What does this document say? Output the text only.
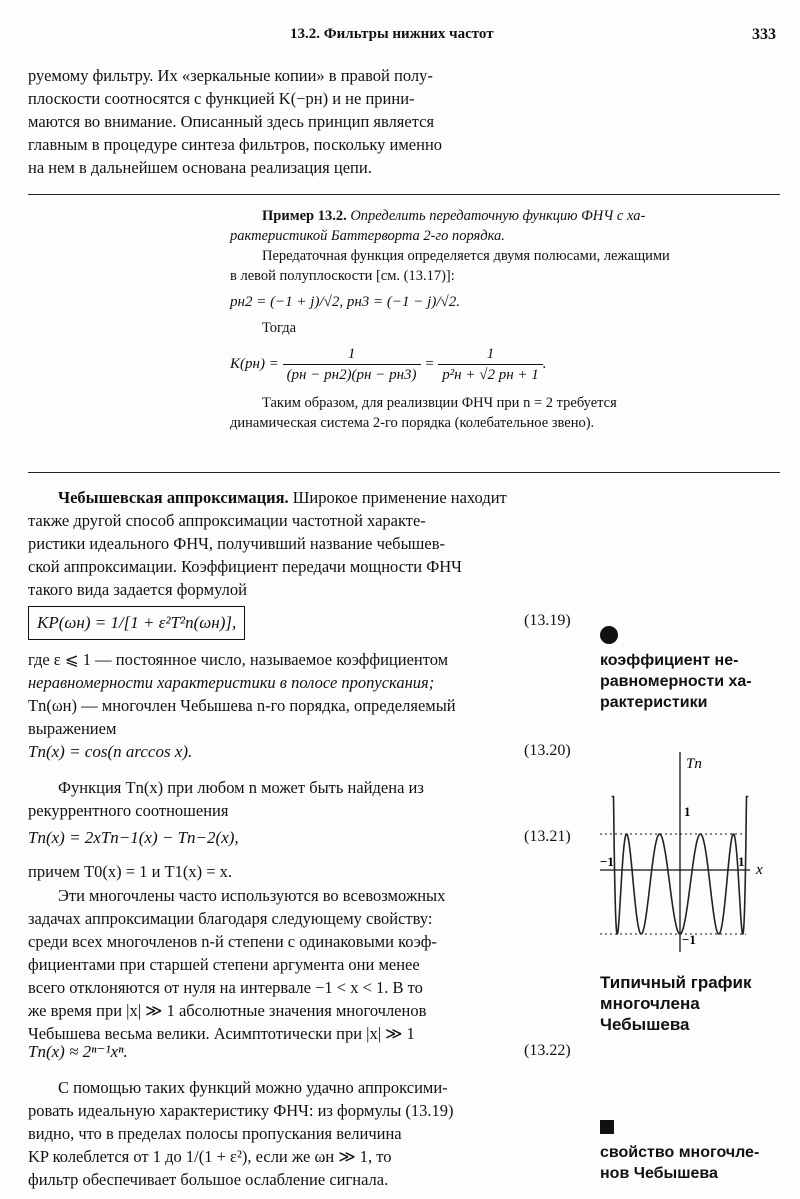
13.2. Фильтры нижних частот	333
руемому фильтру. Их «зеркальные копии» в правой полу-
плоскости соотносятся с функцией K(−pн) и не прини-
маются во внимание. Описанный здесь принцип является
главным в процедуре синтеза фильтров, поскольку именно
на нем в дальнейшем основана реализация цепи.
Пример 13.2. Определить передаточную функцию ФНЧ с ха-
рактеристикой Баттерворта 2-го порядка.
Передаточная функция определяется двумя полюсами, лежащими
в левой полуплоскости [см. (13.17)]:
pн2 = (−1 + j)/√2, pн3 = (−1 − j)/√2.
Тогда
$K(pн) = \frac{1}{(pн - pн2)(pн - pн3)} = \frac{1}{\text{p²н + √2 pн + 1}}$ .
Таким образом, для реализвции ФНЧ при n = 2 требуется
динамическая система 2-го порядка (колебательное звено).
Чебышевская аппроксимация. Широкое применение находит
также другой способ аппроксимации частотной характе-
ристики идеального ФНЧ, получивший название чебышев-
ской аппроксимации. Коэффициент передачи мощности ФНЧ
такого вида задается формулой
KP(ωн) = 1/[1 + ε²T²n(ωн)],	(13.19)
где ε ⩽ 1 — постоянное число, называемое коэффициентом
неравномерности характеристики в полосе пропускания;
Tn(ωн) — многочлен Чебышева n-го порядка, определяемый
выражением
Tn(x) = cos(n arccos x).	(13.20)
Функция Tn(x) при любом n может быть найдена из
рекуррентного соотношения
Tn(x) = 2xTn−1(x) − Tn−2(x),	(13.21)
причем T0(x) = 1 и T1(x) = x.
Эти многочлены часто используются во всевозможных
задачах аппроксимации благодаря следующему свойству:
среди всех многочленов n-й степени с одинаковыми коэф-
фициентами при старшей степени аргумента они менее
всего отклоняются от нуля на интервале −1 < x < 1. В то
же время при |x| ≫ 1 абсолютные значения многочленов
Чебышева весьма велики. Асимптотически при |x| ≫ 1
Tn(x) ≈ 2ⁿ⁻¹xⁿ.	(13.22)
С помощью таких функций можно удачно аппроксими-
ровать идеальную характеристику ФНЧ: из формулы (13.19)
видно, что в пределах полосы пропускания величина
KP колеблется от 1 до 1/(1 + ε²), если же ωн ≫ 1, то
фильтр обеспечивает большое ослабление сигнала.
коэффициент не-
равномерности ха-
рактеристики
Tn
x
1
−1
−1	1
Типичный график
многочлена
Чебышева
свойство многочле-
нов Чебышева
